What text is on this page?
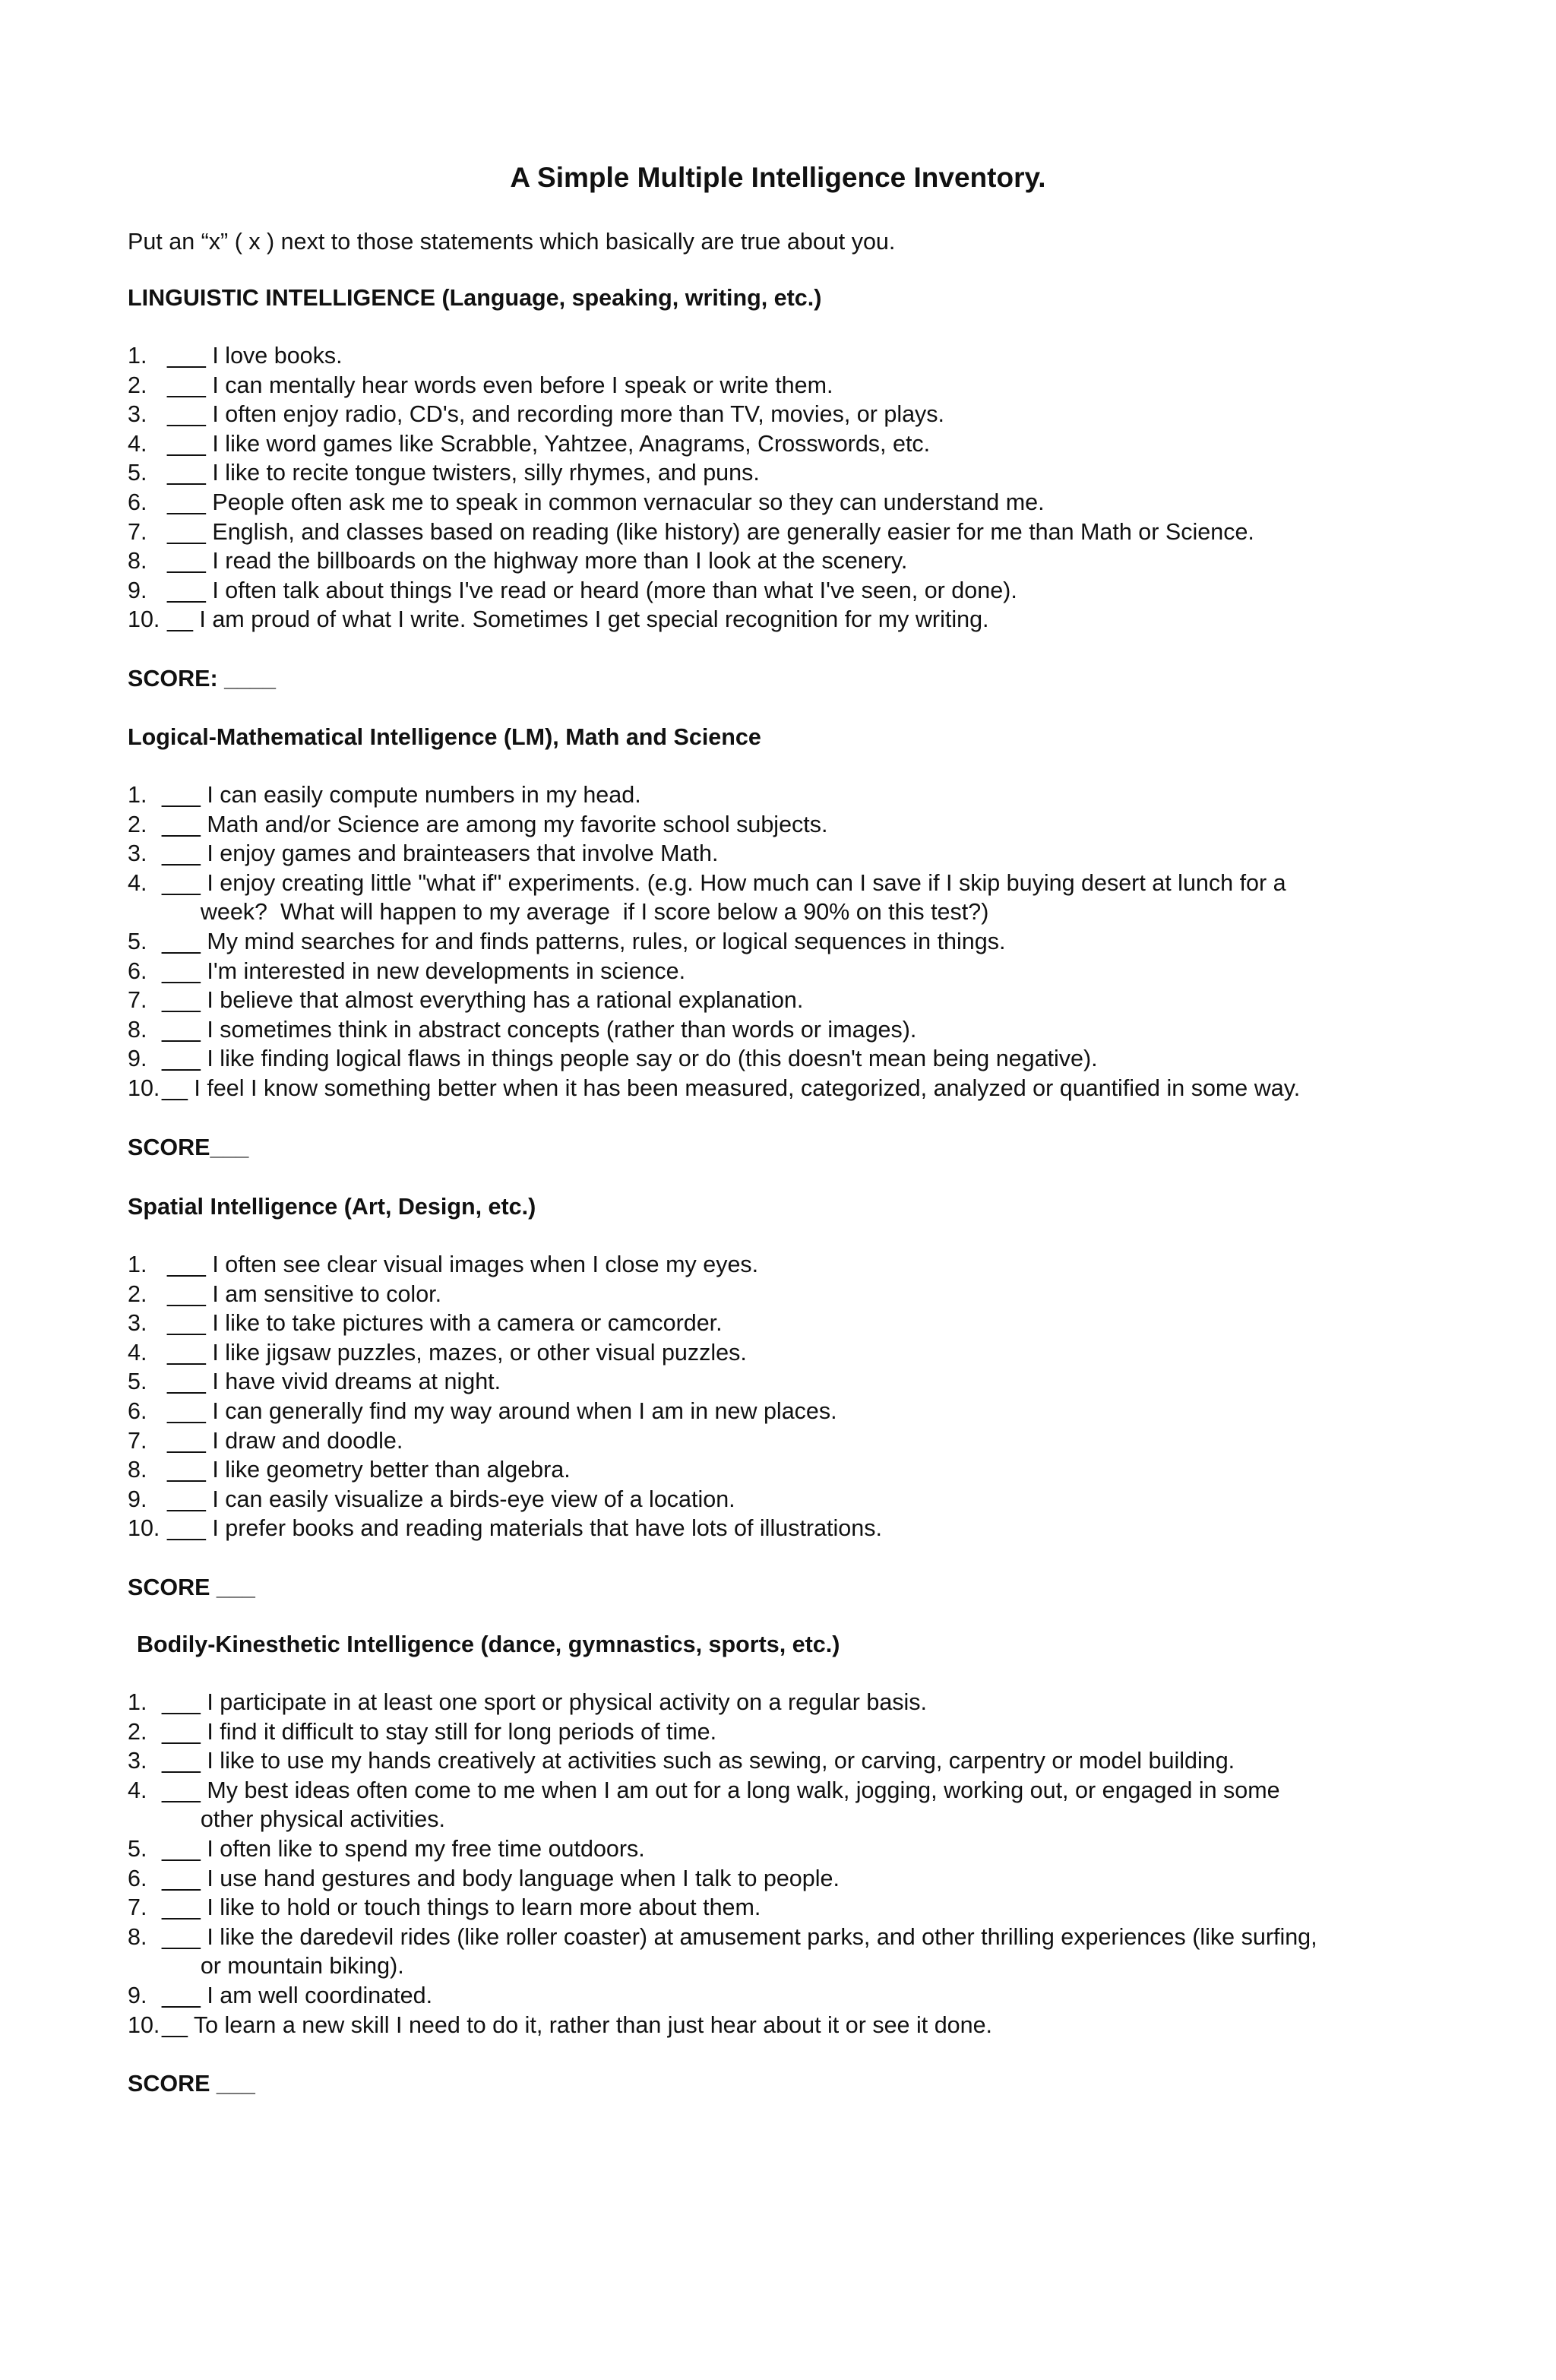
A Simple Multiple Intelligence Inventory.

Put an “x” ( x ) next to those statements which basically are true about you.

LINGUISTIC INTELLIGENCE (Language, speaking, writing, etc.)
1. ___ I love books.
2. ___ I can mentally hear words even before I speak or write them.
3. ___ I often enjoy radio, CD's, and recording more than TV, movies, or plays.
4. ___ I like word games like Scrabble, Yahtzee, Anagrams, Crosswords, etc.
5. ___ I like to recite tongue twisters, silly rhymes, and puns.
6. ___ People often ask me to speak in common vernacular so they can understand me.
7. ___ English, and classes based on reading (like history) are generally easier for me than Math or Science.
8. ___ I read the billboards on the highway more than I look at the scenery.
9. ___ I often talk about things I've read or heard (more than what I've seen, or done).
10. __ I am proud of what I write. Sometimes I get special recognition for my writing.
SCORE: ____
Logical-Mathematical Intelligence (LM), Math and Science
1. ___ I can easily compute numbers in my head.
2. ___ Math and/or Science are among my favorite school subjects.
3. ___ I enjoy games and brainteasers that involve Math.
4. ___ I enjoy creating little "what if" experiments. (e.g. How much can I save if I skip buying desert at lunch for a
week?  What will happen to my average  if I score below a 90% on this test?)
5. ___ My mind searches for and finds patterns, rules, or logical sequences in things.
6. ___ I'm interested in new developments in science.
7. ___ I believe that almost everything has a rational explanation.
8. ___ I sometimes think in abstract concepts (rather than words or images).
9. ___ I like finding logical flaws in things people say or do (this doesn't mean being negative).
10. __ I feel I know something better when it has been measured, categorized, analyzed or quantified in some way.
SCORE___
Spatial Intelligence (Art, Design, etc.)
1. ___ I often see clear visual images when I close my eyes.
2. ___ I am sensitive to color.
3. ___ I like to take pictures with a camera or camcorder.
4. ___ I like jigsaw puzzles, mazes, or other visual puzzles.
5. ___ I have vivid dreams at night.
6. ___ I can generally find my way around when I am in new places.
7. ___ I draw and doodle.
8. ___ I like geometry better than algebra.
9. ___ I can easily visualize a birds-eye view of a location.
10. ___ I prefer books and reading materials that have lots of illustrations.
SCORE ___
Bodily-Kinesthetic Intelligence (dance, gymnastics, sports, etc.)
1. ___ I participate in at least one sport or physical activity on a regular basis.
2. ___ I find it difficult to stay still for long periods of time.
3. ___ I like to use my hands creatively at activities such as sewing, or carving, carpentry or model building.
4. ___ My best ideas often come to me when I am out for a long walk, jogging, working out, or engaged in some
other physical activities.
5. ___ I often like to spend my free time outdoors.
6. ___ I use hand gestures and body language when I talk to people.
7. ___ I like to hold or touch things to learn more about them.
8. ___ I like the daredevil rides (like roller coaster) at amusement parks, and other thrilling experiences (like surfing,
or mountain biking).
9. ___ I am well coordinated.
10. __ To learn a new skill I need to do it, rather than just hear about it or see it done.
SCORE ___
